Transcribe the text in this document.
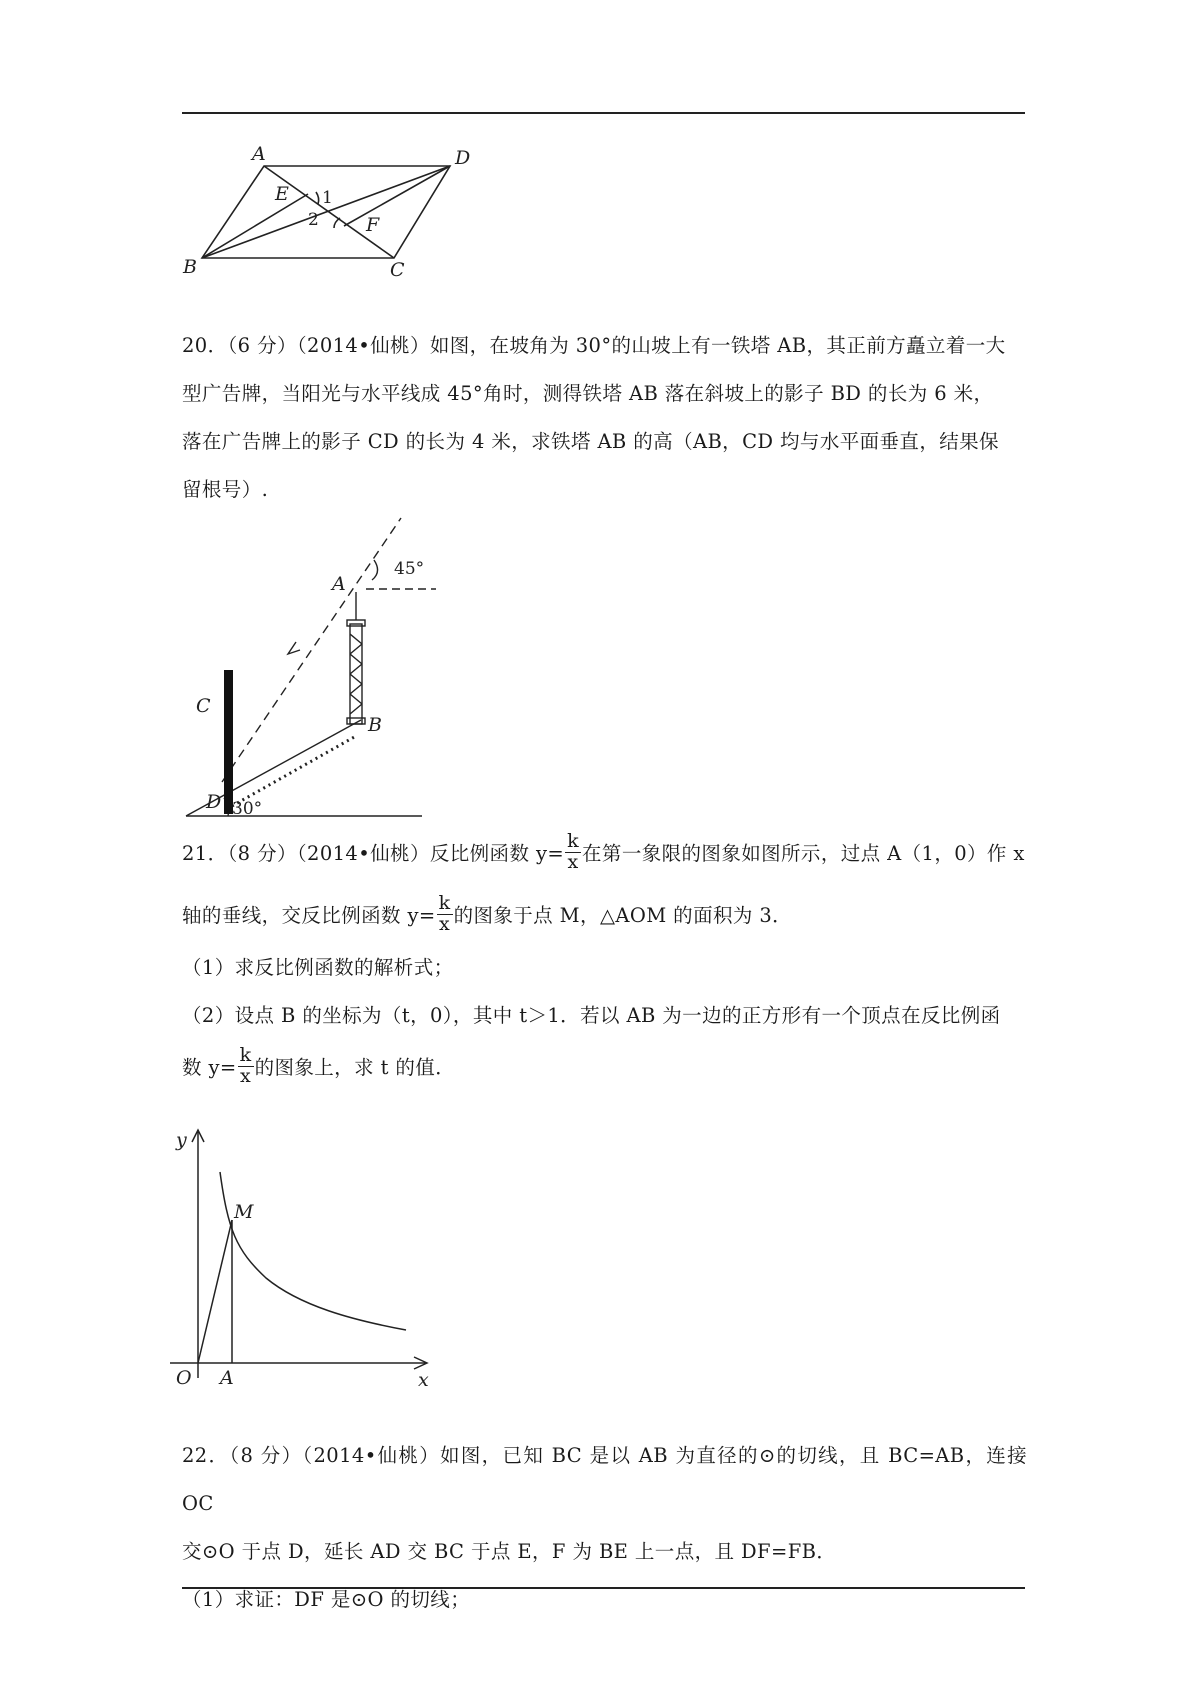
A	D
B	C
E
F
1
2

20．（6 分）（2014•仙桃）如图，在坡角为 30°的山坡上有一铁塔 AB，其正前方矗立着一大

型广告牌，当阳光与水平线成 45°角时，测得铁塔 AB 落在斜坡上的影子 BD 的长为 6 米，

落在广告牌上的影子 CD 的长为 4 米，求铁塔 AB 的高（AB，CD 均与水平面垂直，结果保

留根号）.

A
B
C
D
45°
30°

21．（8 分）（2014•仙桃）反比例函数 $y= \frac{k}{x}$ 在第一象限的图象如图所示，过点 A（1，0）作 x

轴的垂线，交反比例函数 $y= \frac{k}{x}$ 的图象于点 M，△AOM 的面积为 3．

（1）求反比例函数的解析式；

（2）设点 B 的坐标为（t，0），其中 t＞1．若以 AB 为一边的正方形有一个顶点在反比例函

数 $y= \frac{k}{x}$ 的图象上，求 t 的值．

y
x
O A
M

22．（8 分）（2014•仙桃）如图，已知 BC 是以 AB 为直径的⊙的切线，且 BC=AB，连接 OC

交⊙O 于点 D，延长 AD 交 BC 于点 E，F 为 BE 上一点，且 DF=FB．

（1）求证：DF 是⊙O 的切线；
